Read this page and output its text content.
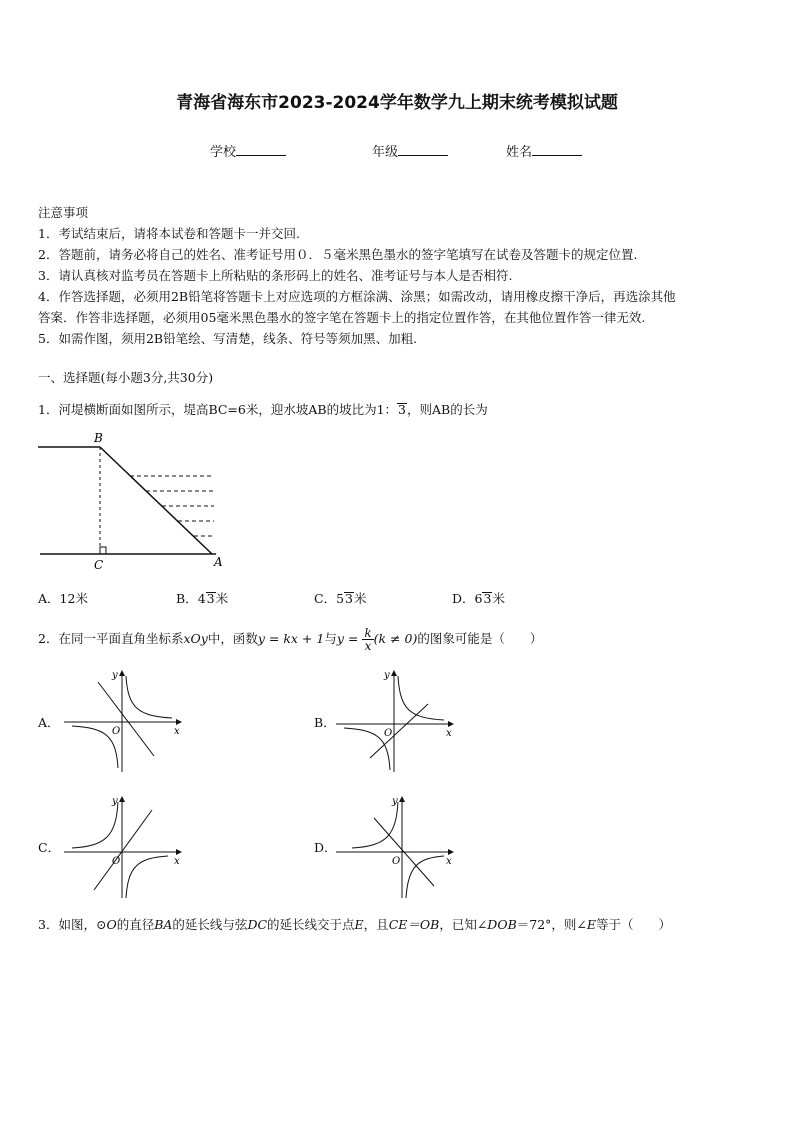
青海省海东市2023-2024学年数学九上期末统考模拟试题
学校	年级	姓名
注意事项
1．考试结束后，请将本试卷和答题卡一并交回.
2．答题前，请务必将自己的姓名、准考证号用０．５毫米黑色墨水的签字笔填写在试卷及答题卡的规定位置.
3．请认真核对监考员在答题卡上所粘贴的条形码上的姓名、准考证号与本人是否相符.
4．作答选择题，必须用2B铅笔将答题卡上对应选项的方框涂满、涂黑；如需改动，请用橡皮擦干净后，再选涂其他
答案．作答非选择题，必须用05毫米黑色墨水的签字笔在答题卡上的指定位置作答，在其他位置作答一律无效.
5．如需作图，须用2B铅笔绘、写清楚，线条、符号等须加黑、加粗.
一、选择题(每小题3分,共30分)
1．河堤横断面如图所示，堤高BC=6米，迎水坡AB的坡比为1：3，则AB的长为
B
C	A
A．12米	B．43米	C．53米	D．63米
2．在同一平面直角坐标系xOy中，函数y = kx + 1与$y = \frac{k}{x} (k \ne 0)$的图象可能是（　　）
A．	B．
C．	D．
x
y
O	x
y
O
x
y
O	x
y
O
3．如图，⊙O的直径BA的延长线与弦DC的延长线交于点E，且CE＝OB，已知∠DOB＝72°，则∠E等于（　　）
